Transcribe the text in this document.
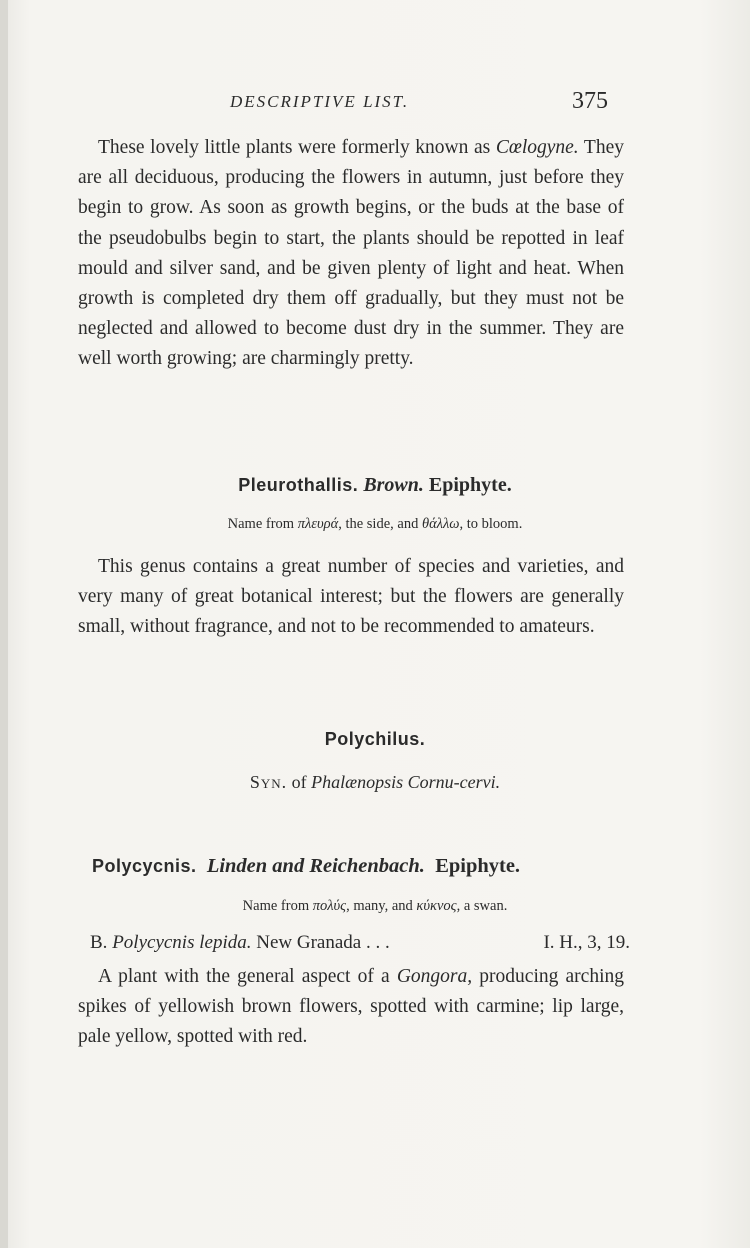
DESCRIPTIVE LIST.	375

These lovely little plants were formerly known as Cœlogyne. They are all deciduous, producing the flowers in autumn, just before they begin to grow. As soon as growth begins, or the buds at the base of the pseudobulbs begin to start, the plants should be repotted in leaf mould and silver sand, and be given plenty of light and heat. When growth is completed dry them off gradually, but they must not be neglected and allowed to become dust dry in the summer. They are well worth growing; are charmingly pretty.

Pleurothallis. Brown. Epiphyte.

Name from πλευρά, the side, and θάλλω, to bloom.

This genus contains a great number of species and varieties, and very many of great botanical interest; but the flowers are generally small, without fragrance, and not to be recommended to amateurs.

Polychilus.

Syn. of Phalænopsis Cornu-cervi.

Polycycnis. Linden and Reichenbach. Epiphyte.

Name from πολύς, many, and κύκνος, a swan.

B. Polycycnis lepida. New Granada . . .	I. H., 3, 19.

A plant with the general aspect of a Gongora, producing arching spikes of yellowish brown flowers, spotted with carmine; lip large, pale yellow, spotted with red.
